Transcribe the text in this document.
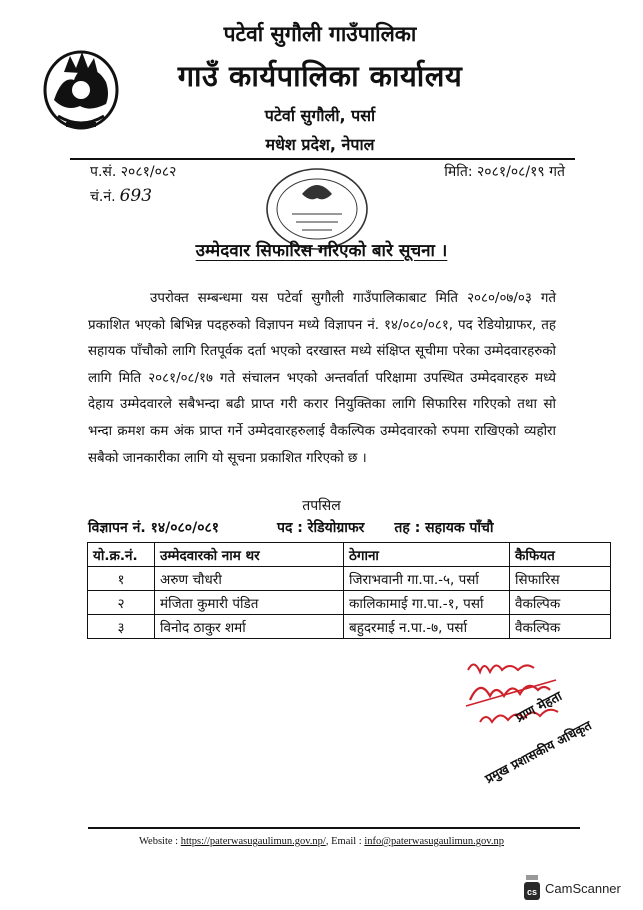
पटेर्वा सुगौली गाउँपालिका
गाउँ कार्यपालिका कार्यालय
पटेर्वा सुगौली, पर्सा
मधेश प्रदेश, नेपाल
प.सं. २०८१/०८२
चं.नं. 693
मिति: २०८१/०८/१९ गते
उम्मेदवार सिफारिस गरिएको बारे सूचना ।

उपरोक्त सम्बन्धमा यस पटेर्वा सुगौली गाउँपालिकाबाट मिति २०८०/०७/०३ गते प्रकाशित भएको बिभिन्न पदहरुको विज्ञापन मध्ये विज्ञापन नं. १४/०८०/०८१, पद रेडियोग्राफर, तह सहायक पाँचौको लागि रितपूर्वक दर्ता भएको दरखास्त मध्ये संक्षिप्त सूचीमा परेका उम्मेदवारहरुको लागि मिति २०८१/०८/१७ गते संचालन भएको अन्तर्वार्ता परिक्षामा उपस्थित उम्मेदवारहरु मध्ये देहाय उम्मेदवारले सबैभन्दा बढी प्राप्त गरी करार नियुक्तिका लागि सिफारिस गरिएको तथा सो भन्दा क्रमश कम अंक प्राप्त गर्ने उम्मेदवारहरुलाई वैकल्पिक उम्मेदवारको रुपमा राखिएको व्यहोरा सबैको जानकारीका लागि यो सूचना प्रकाशित गरिएको छ ।

तपसिल
विज्ञापन नं. १४/०८०/०८१	पद : रेडियोग्राफर तह : सहायक पाँचौ
यो.क्र.नं.	उम्मेदवारको नाम थर	ठेगाना	कैफियत
१	अरुण चौधरी	जिराभवानी गा.पा.-५, पर्सा	सिफारिस
२	मंजिता कुमारी पंडित	कालिकामाई गा.पा.-१, पर्सा	वैकल्पिक
३	विनोद ठाकुर शर्मा	बहुदरमाई न.पा.-७, पर्सा	वैकल्पिक
प्राण मेहता
प्रमुख प्रशासकीय अधिकृत
Website : https://paterwasugaulimun.gov.np/, Email : info@paterwasugaulimun.gov.np
cs CamScanner
